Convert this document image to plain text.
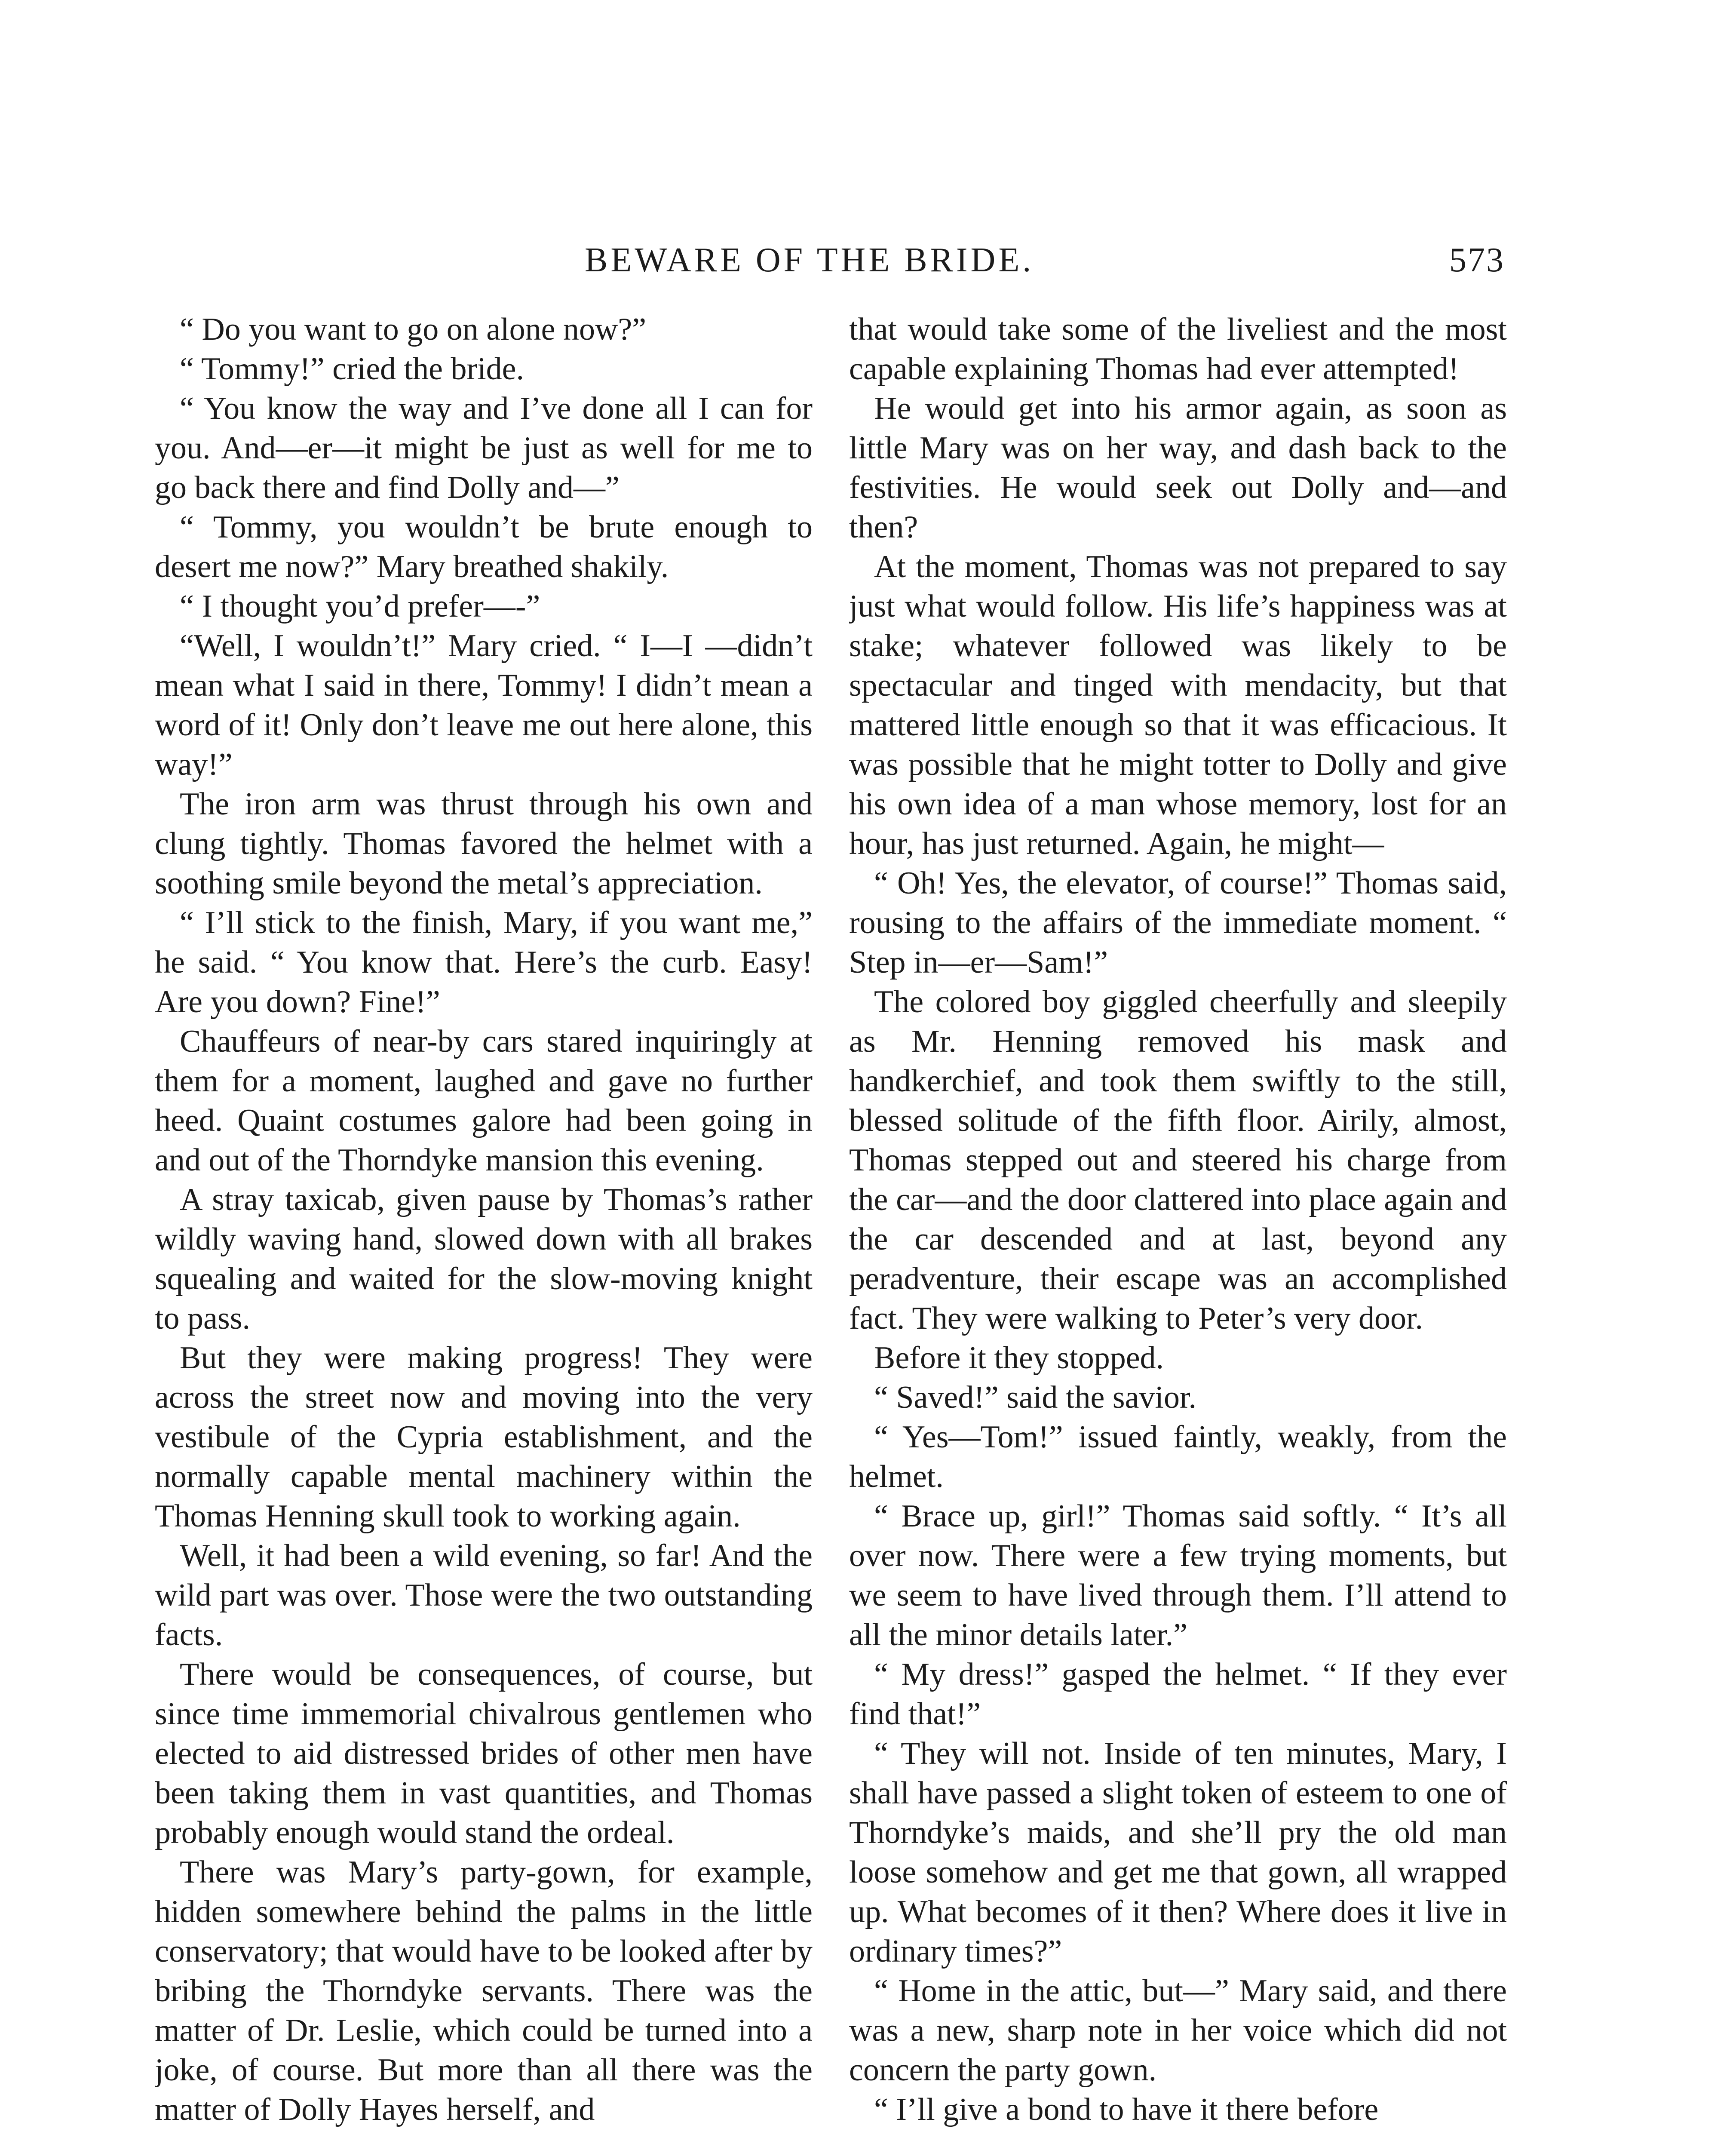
BEWARE OF THE BRIDE.	573

“ Do you want to go on alone now?”

“ Tommy!” cried the bride.

“ You know the way and I’ve done all I can for you. And—er—it might be just as well for me to go back there and find Dolly and—”

“ Tommy, you wouldn’t be brute enough to desert me now?” Mary breathed shakily.

“ I thought you’d prefer—-”

“Well, I wouldn’t!” Mary cried. “ I—I —didn’t mean what I said in there, Tommy! I didn’t mean a word of it! Only don’t leave me out here alone, this way!”

The iron arm was thrust through his own and clung tightly. Thomas favored the helmet with a soothing smile beyond the metal’s appreciation.

“ I’ll stick to the finish, Mary, if you want me,” he said. “ You know that. Here’s the curb. Easy! Are you down? Fine!”

Chauffeurs of near-by cars stared inquiringly at them for a moment, laughed and gave no further heed. Quaint costumes galore had been going in and out of the Thorndyke mansion this evening.

A stray taxicab, given pause by Thomas’s rather wildly waving hand, slowed down with all brakes squealing and waited for the slow-moving knight to pass.

But they were making progress! They were across the street now and moving into the very vestibule of the Cypria establishment, and the normally capable mental machinery within the Thomas Henning skull took to working again.

Well, it had been a wild evening, so far! And the wild part was over. Those were the two outstanding facts.

There would be consequences, of course, but since time immemorial chivalrous gentlemen who elected to aid distressed brides of other men have been taking them in vast quantities, and Thomas probably enough would stand the ordeal.

There was Mary’s party-gown, for example, hidden somewhere behind the palms in the little conservatory; that would have to be looked after by bribing the Thorndyke servants. There was the matter of Dr. Leslie, which could be turned into a joke, of course. But more than all there was the matter of Dolly Hayes herself, and

that would take some of the liveliest and the most capable explaining Thomas had ever attempted!

He would get into his armor again, as soon as little Mary was on her way, and dash back to the festivities. He would seek out Dolly and—and then?

At the moment, Thomas was not prepared to say just what would follow. His life’s happiness was at stake; whatever followed was likely to be spectacular and tinged with mendacity, but that mattered little enough so that it was efficacious. It was possible that he might totter to Dolly and give his own idea of a man whose memory, lost for an hour, has just returned. Again, he might—

“ Oh! Yes, the elevator, of course!” Thomas said, rousing to the affairs of the immediate moment. “ Step in—er—Sam!”

The colored boy giggled cheerfully and sleepily as Mr. Henning removed his mask and handkerchief, and took them swiftly to the still, blessed solitude of the fifth floor. Airily, almost, Thomas stepped out and steered his charge from the car—and the door clattered into place again and the car descended and at last, beyond any peradventure, their escape was an accomplished fact. They were walking to Peter’s very door.

Before it they stopped.

“ Saved!” said the savior.

“ Yes—Tom!” issued faintly, weakly, from the helmet.

“ Brace up, girl!” Thomas said softly. “ It’s all over now. There were a few trying moments, but we seem to have lived through them. I’ll attend to all the minor details later.”

“ My dress!” gasped the helmet. “ If they ever find that!”

“ They will not. Inside of ten minutes, Mary, I shall have passed a slight token of esteem to one of Thorndyke’s maids, and she’ll pry the old man loose somehow and get me that gown, all wrapped up. What becomes of it then? Where does it live in ordinary times?”

“ Home in the attic, but—” Mary said, and there was a new, sharp note in her voice which did not concern the party gown.

“ I’ll give a bond to have it there before
